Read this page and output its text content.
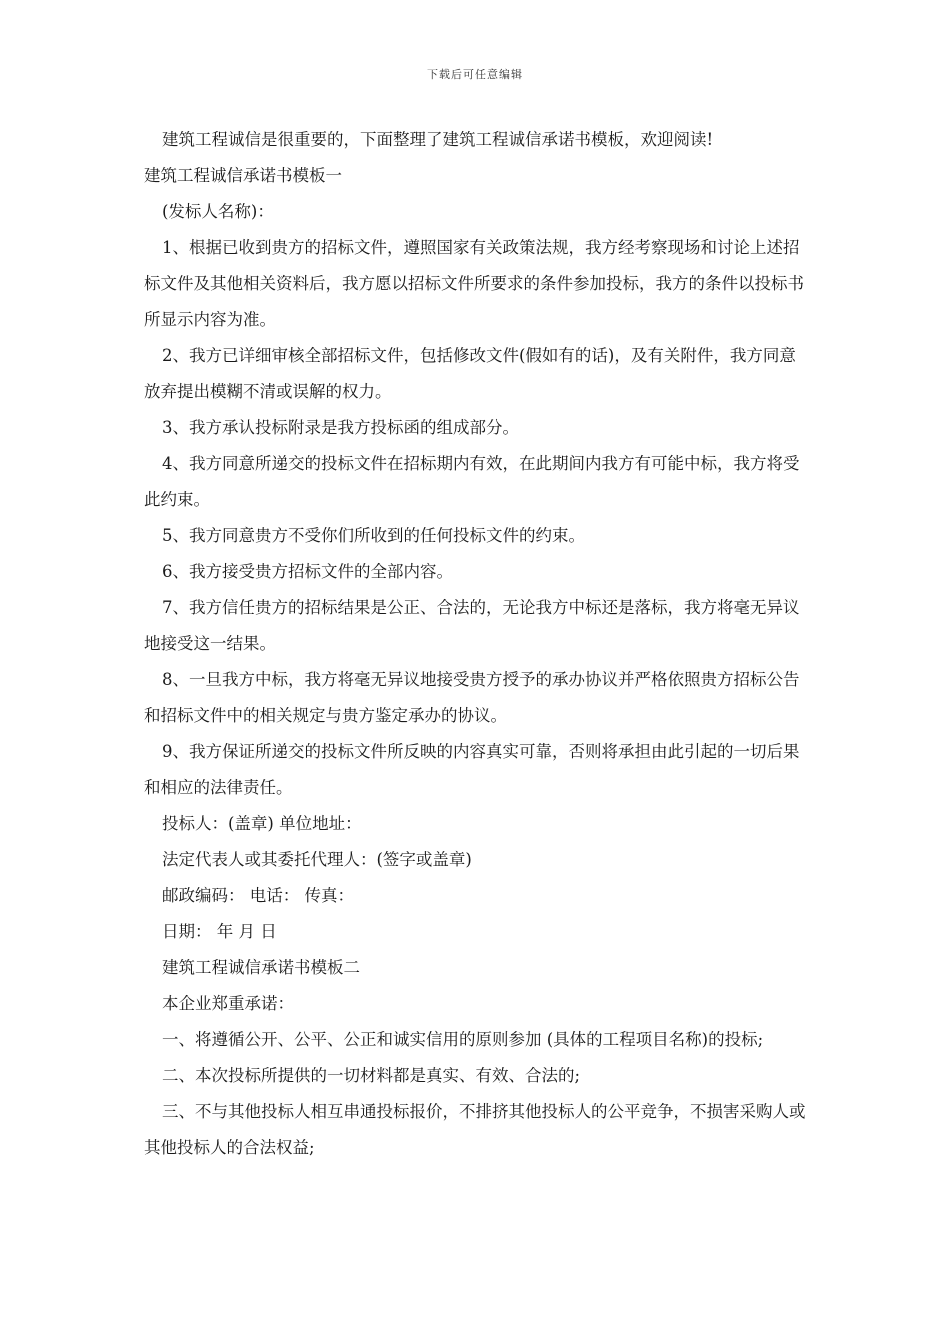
下载后可任意编辑

建筑工程诚信是很重要的，下面整理了建筑工程诚信承诺书模板，欢迎阅读!

建筑工程诚信承诺书模板一

(发标人名称)：

1、根据已收到贵方的招标文件，遵照国家有关政策法规，我方经考察现场和讨论上述招标文件及其他相关资料后，我方愿以招标文件所要求的条件参加投标，我方的条件以投标书所显示内容为准。

2、我方已详细审核全部招标文件，包括修改文件(假如有的话)，及有关附件，我方同意放弃提出模糊不清或误解的权力。

3、我方承认投标附录是我方投标函的组成部分。

4、我方同意所递交的投标文件在招标期内有效，在此期间内我方有可能中标，我方将受此约束。

5、我方同意贵方不受你们所收到的任何投标文件的约束。

6、我方接受贵方招标文件的全部内容。

7、我方信任贵方的招标结果是公正、合法的，无论我方中标还是落标，我方将毫无异议地接受这一结果。

8、一旦我方中标，我方将毫无异议地接受贵方授予的承办协议并严格依照贵方招标公告和招标文件中的相关规定与贵方鉴定承办的协议。

9、我方保证所递交的投标文件所反映的内容真实可靠，否则将承担由此引起的一切后果和相应的法律责任。

投标人：(盖章) 单位地址：

法定代表人或其委托代理人：(签字或盖章)

邮政编码： 电话： 传真：

日期： 年 月 日

建筑工程诚信承诺书模板二

本企业郑重承诺：

一、将遵循公开、公平、公正和诚实信用的原则参加 (具体的工程项目名称)的投标;

二、本次投标所提供的一切材料都是真实、有效、合法的;

三、不与其他投标人相互串通投标报价，不排挤其他投标人的公平竞争，不损害采购人或其他投标人的合法权益;
